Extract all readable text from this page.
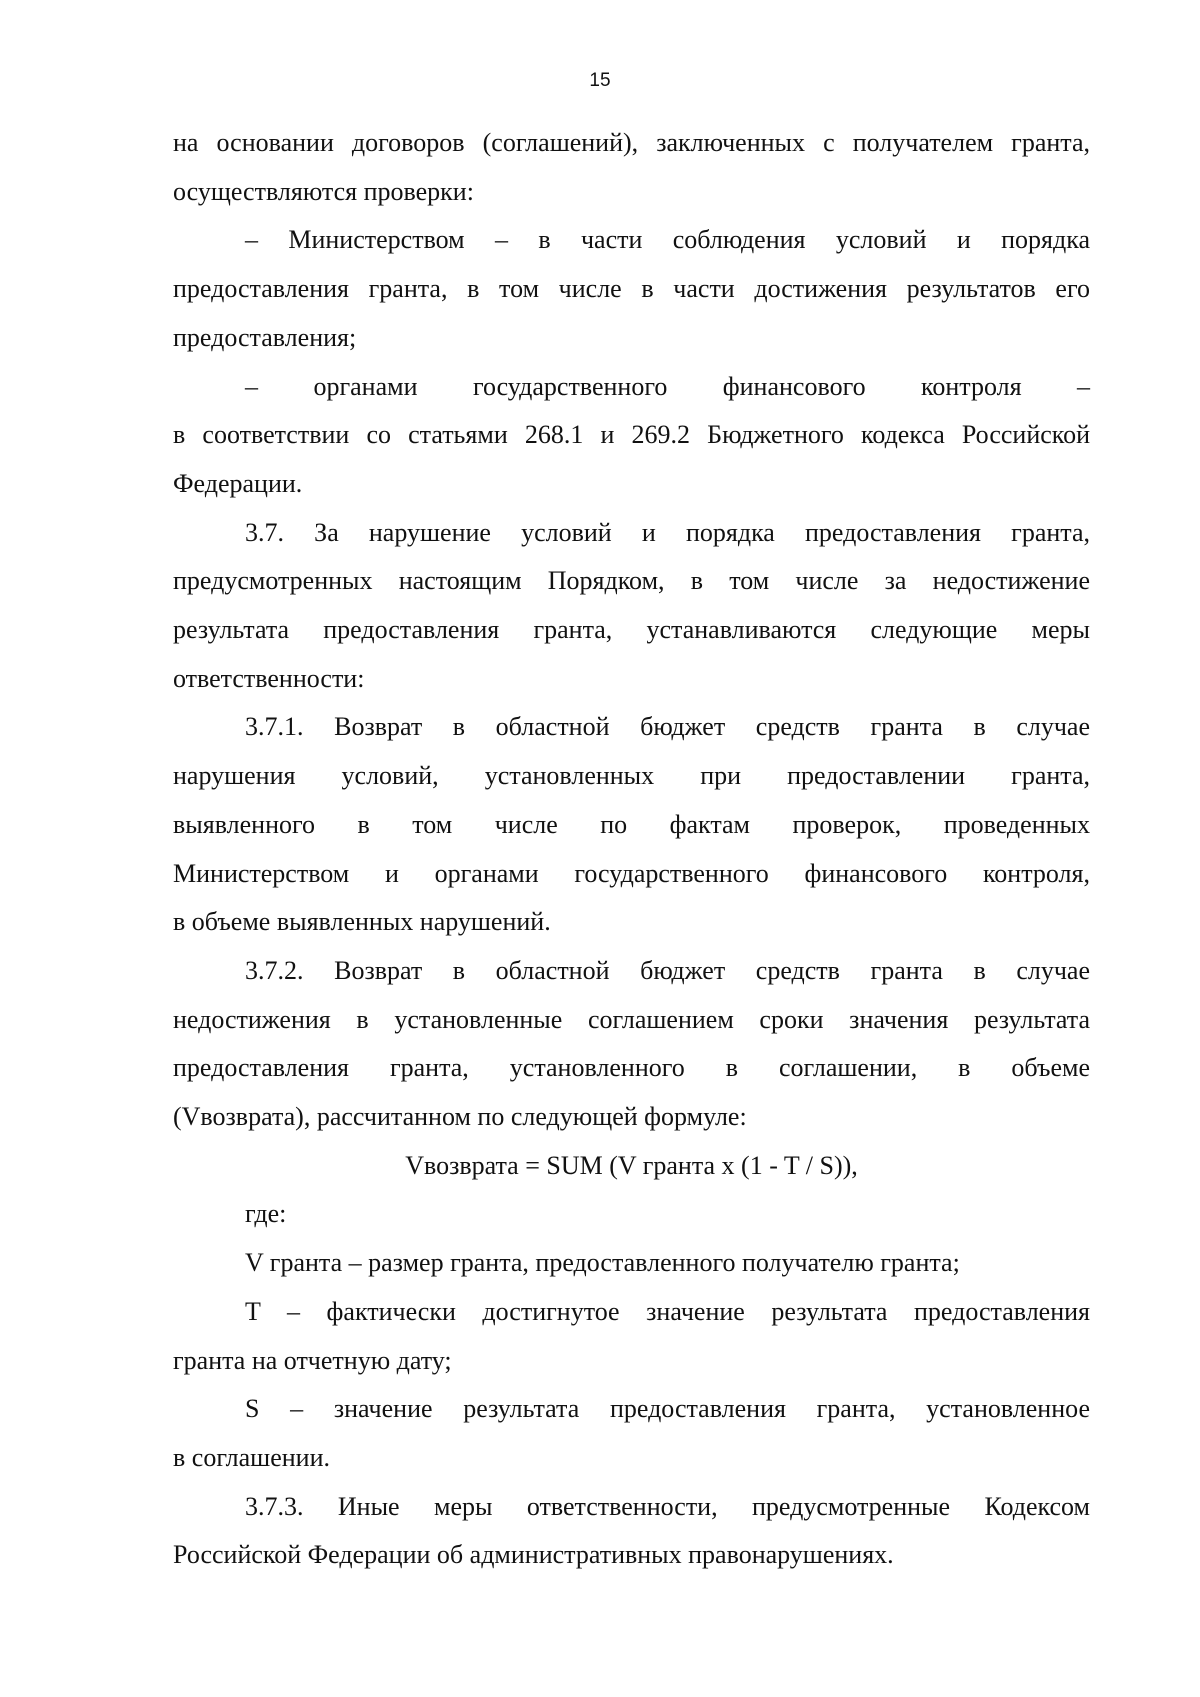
15

на основании договоров (соглашений), заключенных с получателем гранта,

осуществляются проверки:

– Министерством – в части соблюдения условий и порядка

предоставления гранта, в том числе в части достижения результатов его

предоставления;

– органами государственного финансового контроля –

в соответствии со статьями 268.1 и 269.2 Бюджетного кодекса Российской

Федерации.

3.7. За нарушение условий и порядка предоставления гранта,

предусмотренных настоящим Порядком, в том числе за недостижение

результата предоставления гранта, устанавливаются следующие меры

ответственности:

3.7.1. Возврат в областной бюджет средств гранта в случае

нарушения условий, установленных при предоставлении гранта,

выявленного в том числе по фактам проверок, проведенных

Министерством и органами государственного финансового контроля,

в объеме выявленных нарушений.

3.7.2. Возврат в областной бюджет средств гранта в случае

недостижения в установленные соглашением сроки значения результата

предоставления гранта, установленного в соглашении, в объеме

(Vвозврата), рассчитанном по следующей формуле:

Vвозврата = SUM (V гранта x (1 - T / S)),

где:

V гранта – размер гранта, предоставленного получателю гранта;

T – фактически достигнутое значение результата предоставления

гранта на отчетную дату;

S – значение результата предоставления гранта, установленное

в соглашении.

3.7.3. Иные меры ответственности, предусмотренные Кодексом

Российской Федерации об административных правонарушениях.
